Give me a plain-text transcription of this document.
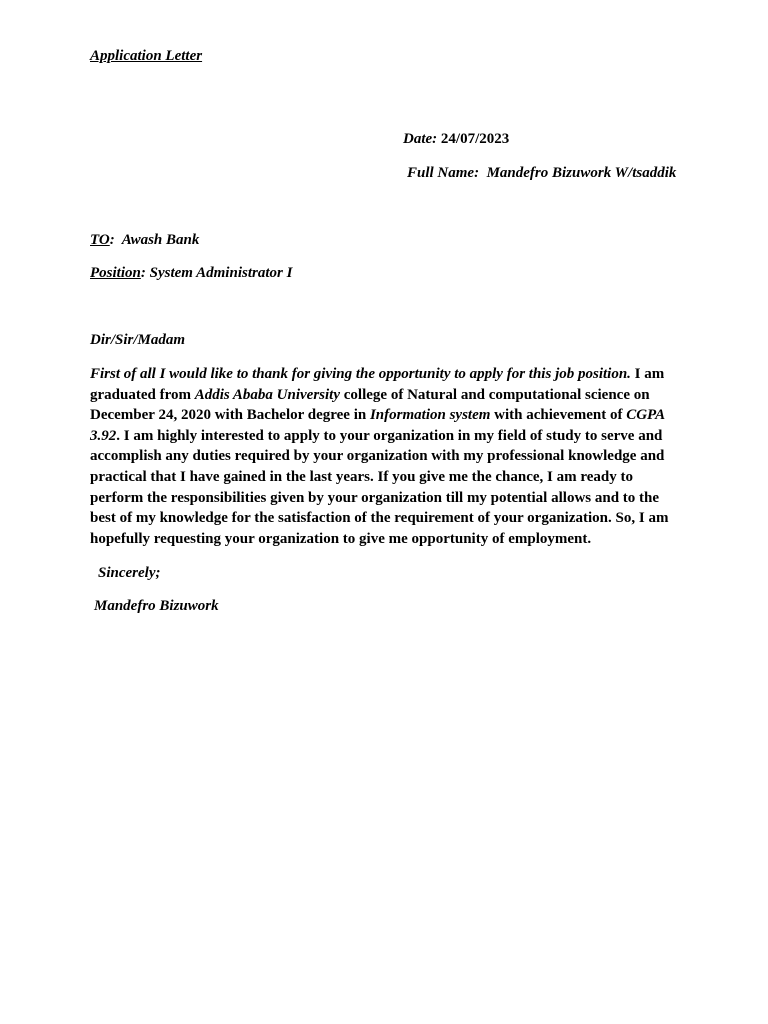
Application Letter
Date: 24/07/2023
Full Name: Mandefro Bizuwork W/tsaddik
TO: Awash Bank
Position: System Administrator I
Dir/Sir/Madam

First of all I would like to thank for giving the opportunity to apply for this job position. I am
graduated from Addis Ababa University college of Natural and computational science on
December 24, 2020 with Bachelor degree in Information system with achievement of CGPA
3.92. I am highly interested to apply to your organization in my field of study to serve and
accomplish any duties required by your organization with my professional knowledge and
practical that I have gained in the last years. If you give me the chance, I am ready to
perform the responsibilities given by your organization till my potential allows and to the
best of my knowledge for the satisfaction of the requirement of your organization. So, I am
hopefully requesting your organization to give me opportunity of employment.

Sincerely;
Mandefro Bizuwork
